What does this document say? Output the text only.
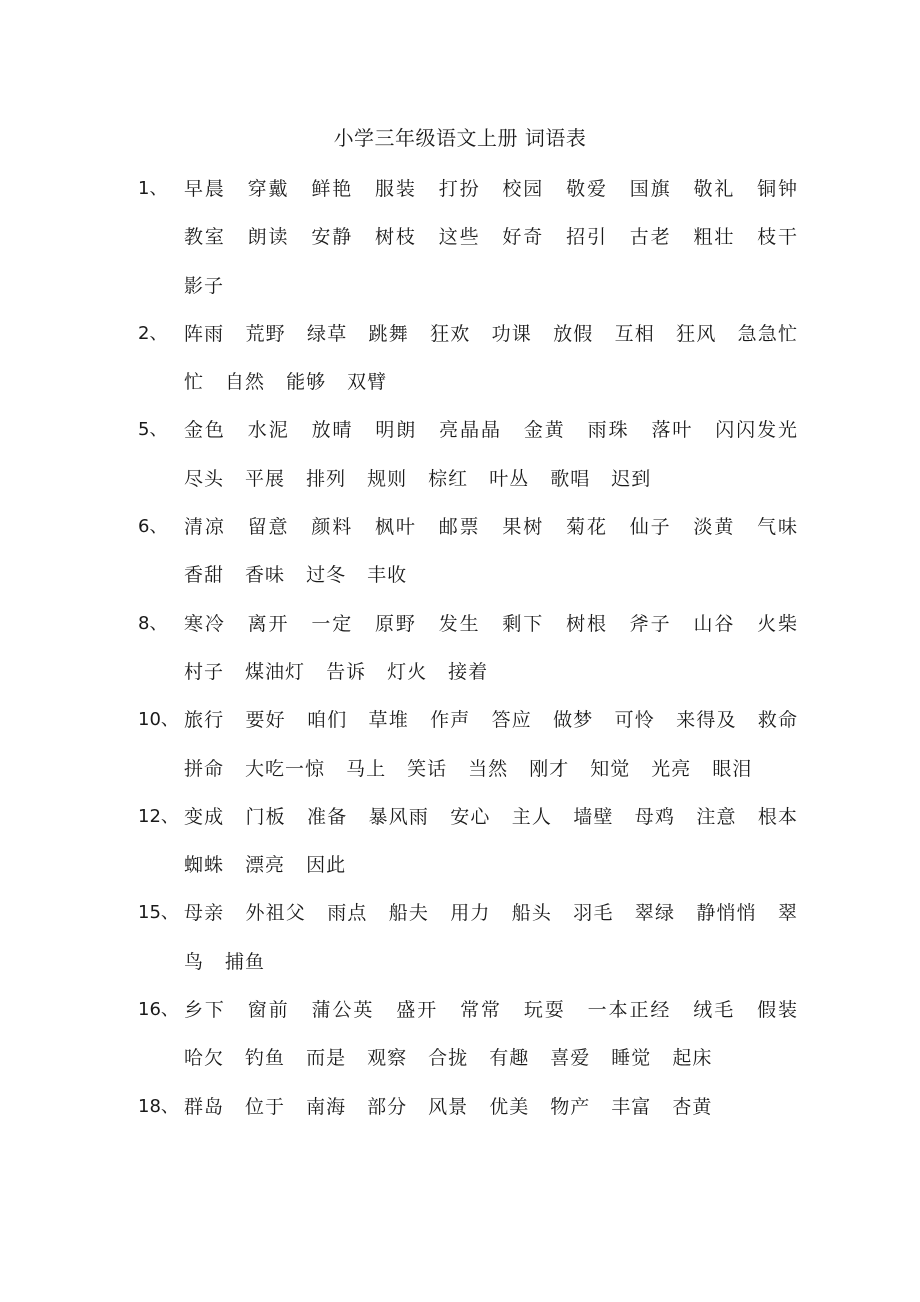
小学三年级语文上册 词语表
1、 早晨 穿戴 鲜艳 服装 打扮 校园 敬爱 国旗 敬礼 铜钟 教室 朗读 安静 树枝 这些 好奇 招引 古老 粗壮 枝干 影子
2、 阵雨 荒野 绿草 跳舞 狂欢 功课 放假 互相 狂风 急急忙忙 自然 能够 双臂
5、 金色 水泥 放晴 明朗 亮晶晶 金黄 雨珠 落叶 闪闪发光 尽头 平展 排列 规则 棕红 叶丛 歌唱 迟到
6、 清凉 留意 颜料 枫叶 邮票 果树 菊花 仙子 淡黄 气味 香甜 香味 过冬 丰收
8、 寒冷 离开 一定 原野 发生 剩下 树根 斧子 山谷 火柴 村子 煤油灯 告诉 灯火 接着
10、 旅行 要好 咱们 草堆 作声 答应 做梦 可怜 来得及 救命 拼命 大吃一惊 马上 笑话 当然 刚才 知觉 光亮 眼泪
12、 变成 门板 准备 暴风雨 安心 主人 墙壁 母鸡 注意 根本 蜘蛛 漂亮 因此
15、 母亲 外祖父 雨点 船夫 用力 船头 羽毛 翠绿 静悄悄 翠鸟 捕鱼
16、 乡下 窗前 蒲公英 盛开 常常 玩耍 一本正经 绒毛 假装 哈欠 钓鱼 而是 观察 合拢 有趣 喜爱 睡觉 起床
18、 群岛 位于 南海 部分 风景 优美 物产 丰富 杏黄
